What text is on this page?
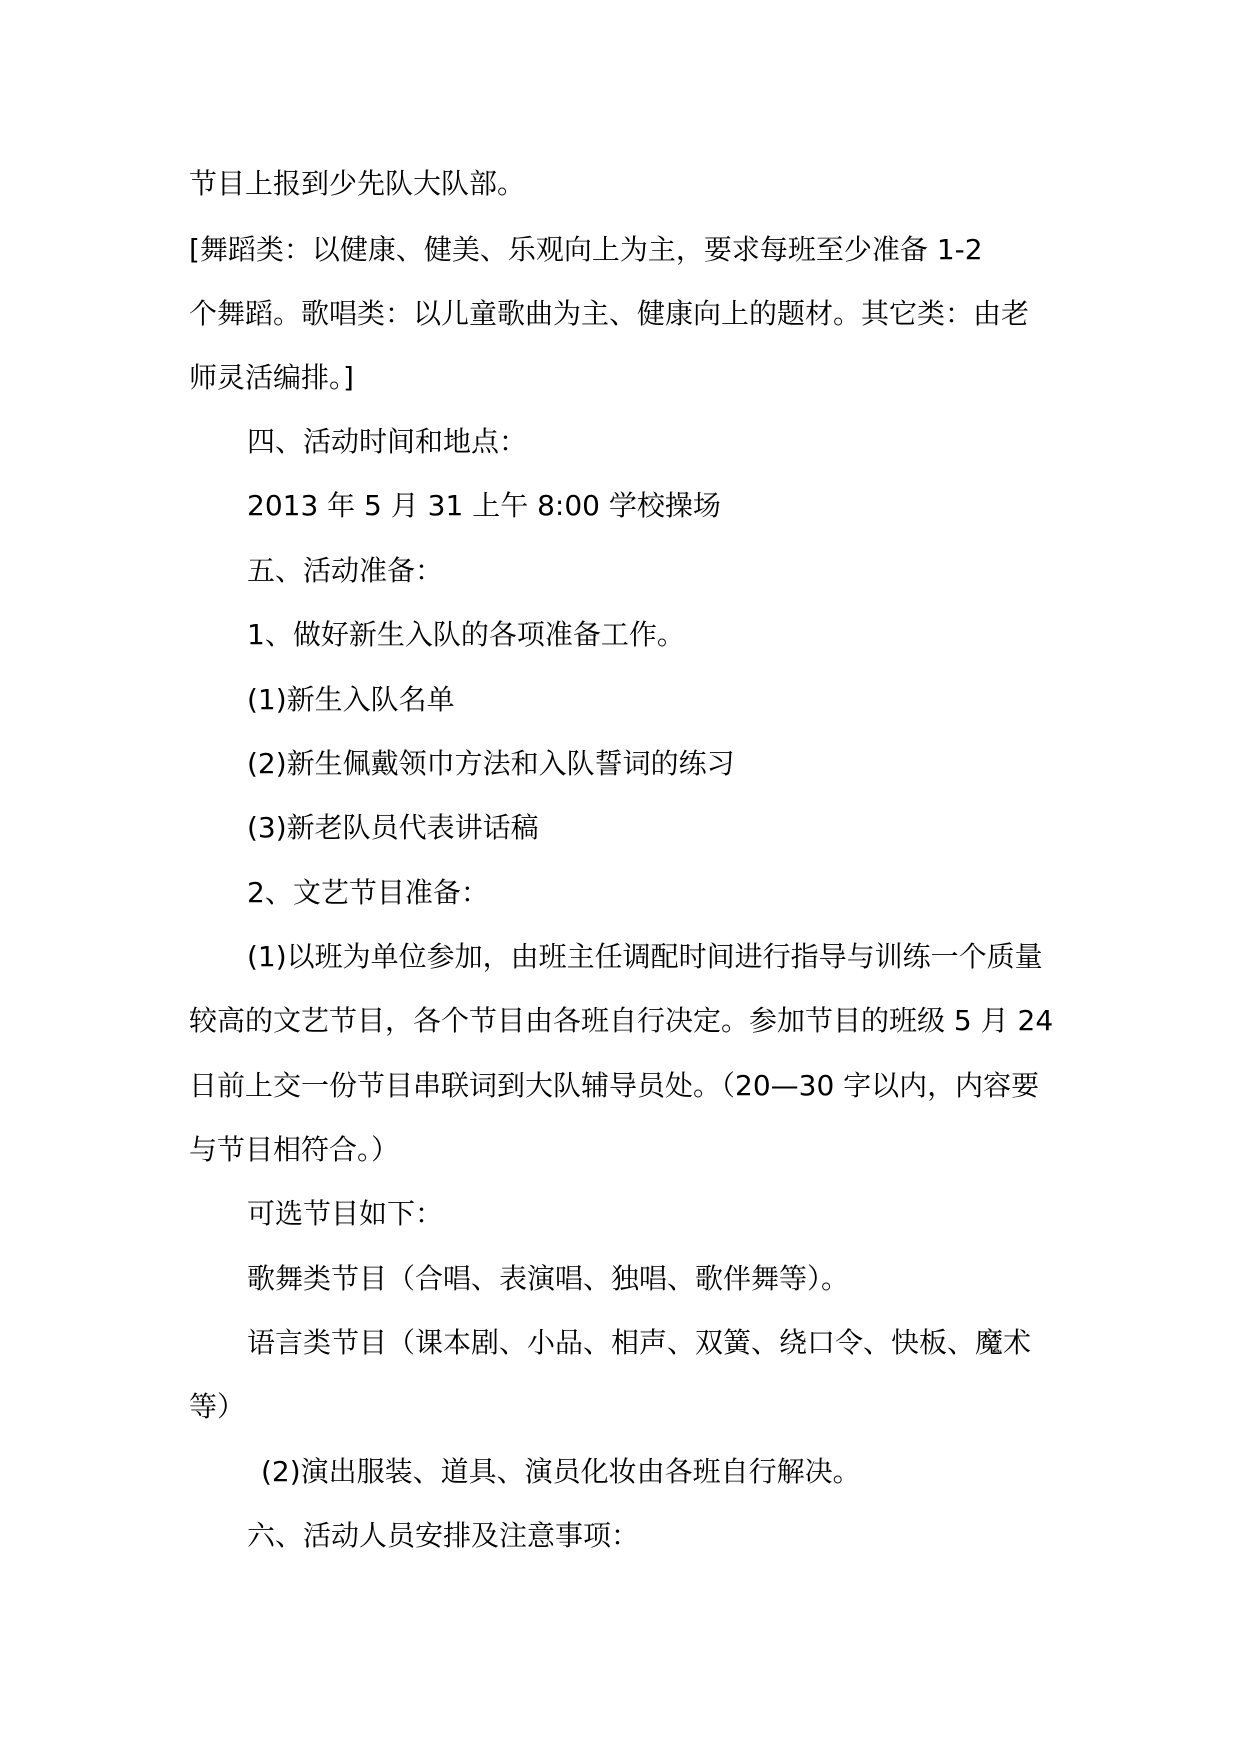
节目上报到少先队大队部。
[舞蹈类：以健康、健美、乐观向上为主，要求每班至少准备 1-2
个舞蹈。歌唱类：以儿童歌曲为主、健康向上的题材。其它类：由老
师灵活编排。]
四、活动时间和地点：
2013 年 5 月 31 上午 8:00 学校操场
五、活动准备：
1、做好新生入队的各项准备工作。
(1)新生入队名单
(2)新生佩戴领巾方法和入队誓词的练习
(3)新老队员代表讲话稿
2、文艺节目准备：
(1)以班为单位参加，由班主任调配时间进行指导与训练一个质量
较高的文艺节目，各个节目由各班自行决定。参加节目的班级 5 月 24
日前上交一份节目串联词到大队辅导员处。（20—30 字以内，内容要
与节目相符合。）
可选节目如下：
歌舞类节目（合唱、表演唱、独唱、歌伴舞等）。
语言类节目（课本剧、小品、相声、双簧、绕口令、快板、魔术
等）
(2)演出服装、道具、演员化妆由各班自行解决。
六、活动人员安排及注意事项：
